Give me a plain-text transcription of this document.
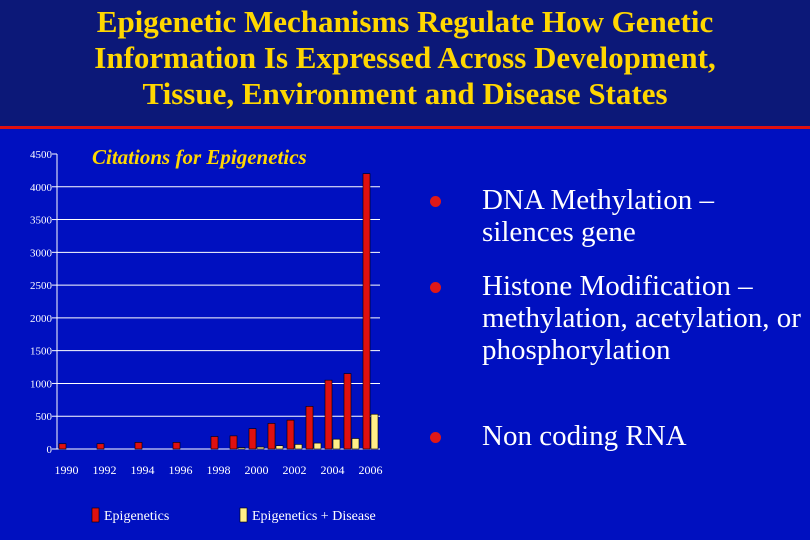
Epigenetic Mechanisms Regulate How Genetic
Information Is Expressed Across Development,
Tissue, Environment and Disease States
0
500
1000
1500
2000
2500
3000
3500
4000
4500 Citations for Epigenetics
1990 1992 1994 1996 1998 2000 2002 2004 2006
Epigenetics	Epigenetics + Disease
DNA Methylation – silences gene
Histone Modification – methylation, acetylation, or phosphorylation
Non coding RNA
